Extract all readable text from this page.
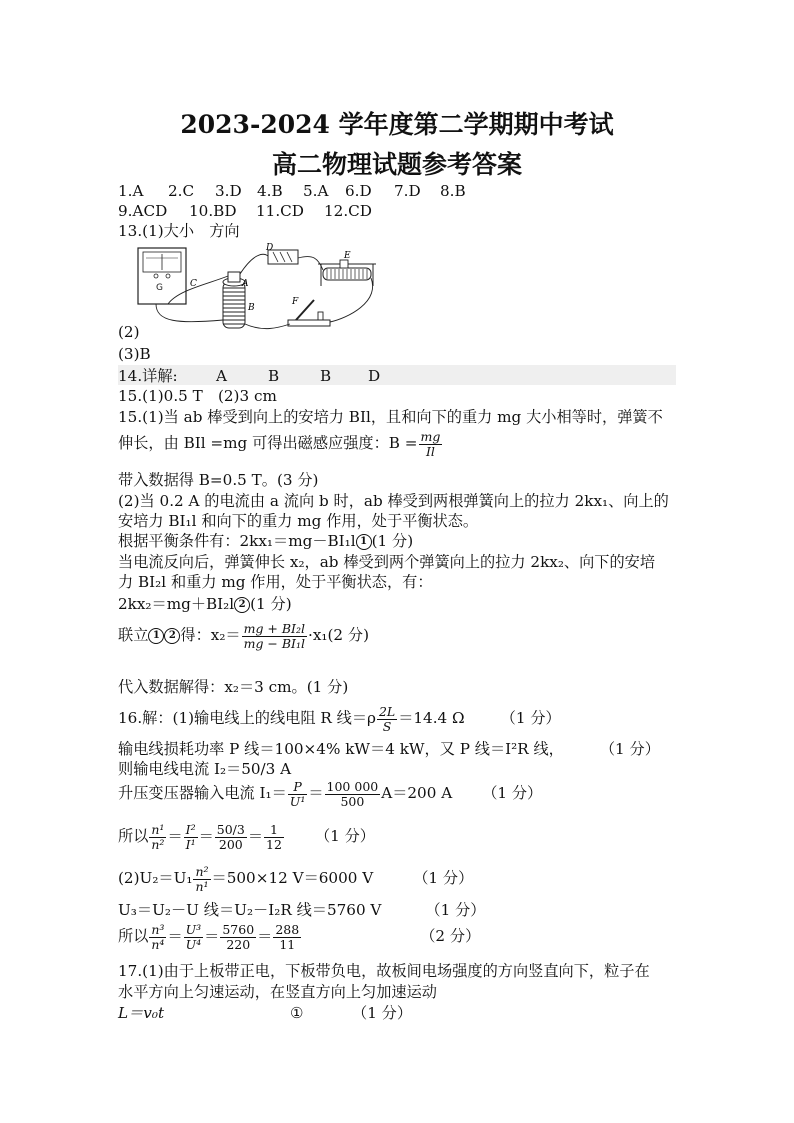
2023-2024 学年度第二学期期中考试
高二物理试题参考答案
1.A 2.C 3.D 4.B 5.A 6.D 7.D 8.B
9.ACD 10.BD 11.CD 12.CD
13.(1)大小　方向
G
D
E
A
B
C
F
(2)
(3)B
14.详解:	A	B	B D
15.(1)0.5 T　(2)3 cm
15.(1)当 ab 棒受到向上的安培力 BIl，且和向下的重力 mg 大小相等时，弹簧不
伸长，由 BIl =mg 可得出磁感应强度：$B = \frac{mg}{Il}$
带入数据得 B=0.5 T。(3 分)
(2)当 0.2 A 的电流由 a 流向 b 时，ab 棒受到两根弹簧向上的拉力 2kx₁、向上的
安培力 BI₁l 和向下的重力 mg 作用，处于平衡状态。
根据平衡条件有：2kx₁＝mg－BI₁l 1 (1 分)
当电流反向后，弹簧伸长 x₂，ab 棒受到两个弹簧向上的拉力 2kx₂、向下的安培
力 BI₂l 和重力 mg 作用，处于平衡状态，有：
2kx₂＝mg＋BI₂l 2 (1 分)
联立 1 2 得：$x_2= \frac{\text{mg + BI₂l}}{\text{mg − BI₁l}} \cdot x_1(2$ 分)
代入数据解得：x₂＝3 cm。(1 分)
16.解：(1)输电线上的线电阻 R 线$=\rho \frac{2L}{S} =14.4$ Ω （1 分）
输电线损耗功率 P 线＝100×4% kW＝4 kW，又 P 线＝I²R 线， （1 分）
则输电线电流 I₂＝50/3 A
升压变压器输入电流 $I_1= \frac{P}{\text{U¹}} = \frac{100 000}{500} A=200$ A （1 分）
所以 $\frac{\text{n¹}}{\text{n²}} = \frac{\text{I²}}{\text{I¹}} = \frac{50/3}{200} = \frac{1}{12} (1$ 分）
$(2)U_2=U_1 \frac{\text{n²}}{\text{n¹}} =500\times 12$ V＝6000 V	（1 分）
U₃＝U₂－U 线＝U₂－I₂R 线＝5760 V	（1 分）
所以 $\frac{\text{n³}}{\text{n⁴}} = \frac{\text{U³}}{\text{U⁴}} = \frac{5760}{220} = \frac{288}{11}$	（2 分）
17.(1)由于上板带正电，下板带负电，故板间电场强度的方向竖直向下，粒子在
水平方向上匀速运动，在竖直方向上匀加速运动
L＝v₀t	①	（1 分）
